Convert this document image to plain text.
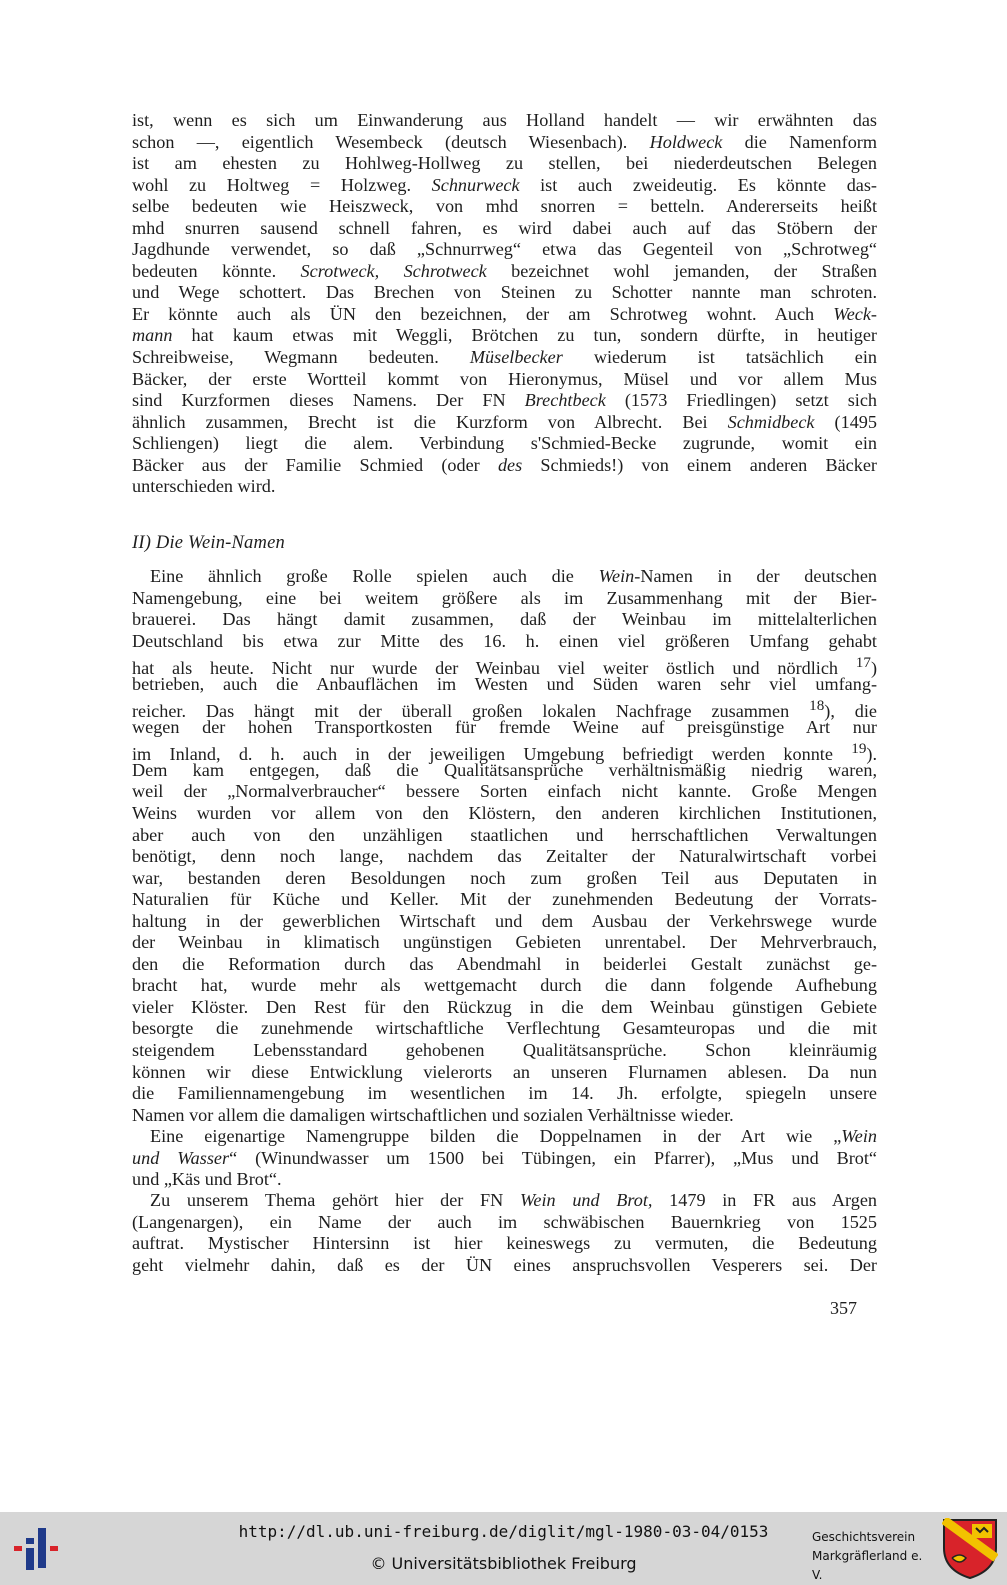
ist, wenn es sich um Einwanderung aus Holland handelt — wir erwähnten das
schon —, eigentlich Wesembeck (deutsch Wiesenbach). Holdweck die Namenform
ist am ehesten zu Hohlweg-Hollweg zu stellen, bei niederdeutschen Belegen
wohl zu Holtweg = Holzweg. Schnurweck ist auch zweideutig. Es könnte das-
selbe bedeuten wie Heiszweck, von mhd snorren = betteln. Andererseits heißt
mhd snurren sausend schnell fahren, es wird dabei auch auf das Stöbern der
Jagdhunde verwendet, so daß „Schnurrweg“ etwa das Gegenteil von „Schrotweg“
bedeuten könnte. Scrotweck, Schrotweck bezeichnet wohl jemanden, der Straßen
und Wege schottert. Das Brechen von Steinen zu Schotter nannte man schroten.
Er könnte auch als ÜN den bezeichnen, der am Schrotweg wohnt. Auch Weck-
mann hat kaum etwas mit Weggli, Brötchen zu tun, sondern dürfte, in heutiger
Schreibweise, Wegmann bedeuten. Müselbecker wiederum ist tatsächlich ein
Bäcker, der erste Wortteil kommt von Hieronymus, Müsel und vor allem Mus
sind Kurzformen dieses Namens. Der FN Brechtbeck (1573 Friedlingen) setzt sich
ähnlich zusammen, Brecht ist die Kurzform von Albrecht. Bei Schmidbeck (1495
Schliengen) liegt die alem. Verbindung s'Schmied-Becke zugrunde, womit ein
Bäcker aus der Familie Schmied (oder des Schmieds!) von einem anderen Bäcker
unterschieden wird.
II) Die Wein-Namen
Eine ähnlich große Rolle spielen auch die Wein-Namen in der deutschen
Namengebung, eine bei weitem größere als im Zusammenhang mit der Bier-
brauerei. Das hängt damit zusammen, daß der Weinbau im mittelalterlichen
Deutschland bis etwa zur Mitte des 16. h. einen viel größeren Umfang gehabt
hat als heute. Nicht nur wurde der Weinbau viel weiter östlich und nördlich $^{17}$)
betrieben, auch die Anbauflächen im Westen und Süden waren sehr viel umfang-
reicher. Das hängt mit der überall großen lokalen Nachfrage zusammen $^{18}$), die
wegen der hohen Transportkosten für fremde Weine auf preisgünstige Art nur
im Inland, d. h. auch in der jeweiligen Umgebung befriedigt werden konnte $^{19}$).
Dem kam entgegen, daß die Qualitätsansprüche verhältnismäßig niedrig waren,
weil der „Normalverbraucher“ bessere Sorten einfach nicht kannte. Große Mengen
Weins wurden vor allem von den Klöstern, den anderen kirchlichen Institutionen,
aber auch von den unzähligen staatlichen und herrschaftlichen Verwaltungen
benötigt, denn noch lange, nachdem das Zeitalter der Naturalwirtschaft vorbei
war, bestanden deren Besoldungen noch zum großen Teil aus Deputaten in
Naturalien für Küche und Keller. Mit der zunehmenden Bedeutung der Vorrats-
haltung in der gewerblichen Wirtschaft und dem Ausbau der Verkehrswege wurde
der Weinbau in klimatisch ungünstigen Gebieten unrentabel. Der Mehrverbrauch,
den die Reformation durch das Abendmahl in beiderlei Gestalt zunächst ge-
bracht hat, wurde mehr als wettgemacht durch die dann folgende Aufhebung
vieler Klöster. Den Rest für den Rückzug in die dem Weinbau günstigen Gebiete
besorgte die zunehmende wirtschaftliche Verflechtung Gesamteuropas und die mit
steigendem Lebensstandard gehobenen Qualitätsansprüche. Schon kleinräumig
können wir diese Entwicklung vielerorts an unseren Flurnamen ablesen. Da nun
die Familiennamengebung im wesentlichen im 14. Jh. erfolgte, spiegeln unsere
Namen vor allem die damaligen wirtschaftlichen und sozialen Verhältnisse wieder.
Eine eigenartige Namengruppe bilden die Doppelnamen in der Art wie „Wein
und Wasser“ (Winundwasser um 1500 bei Tübingen, ein Pfarrer), „Mus und Brot“
und „Käs und Brot“.
Zu unserem Thema gehört hier der FN Wein und Brot, 1479 in FR aus Argen
(Langenargen), ein Name der auch im schwäbischen Bauernkrieg von 1525
auftrat. Mystischer Hintersinn ist hier keineswegs zu vermuten, die Bedeutung
geht vielmehr dahin, daß es der ÜN eines anspruchsvollen Vesperers sei. Der
357
http://dl.ub.uni-freiburg.de/diglit/mgl-1980-03-04/0153
© Universitätsbibliothek Freiburg
Geschichtsverein
Markgräflerland e. V.
